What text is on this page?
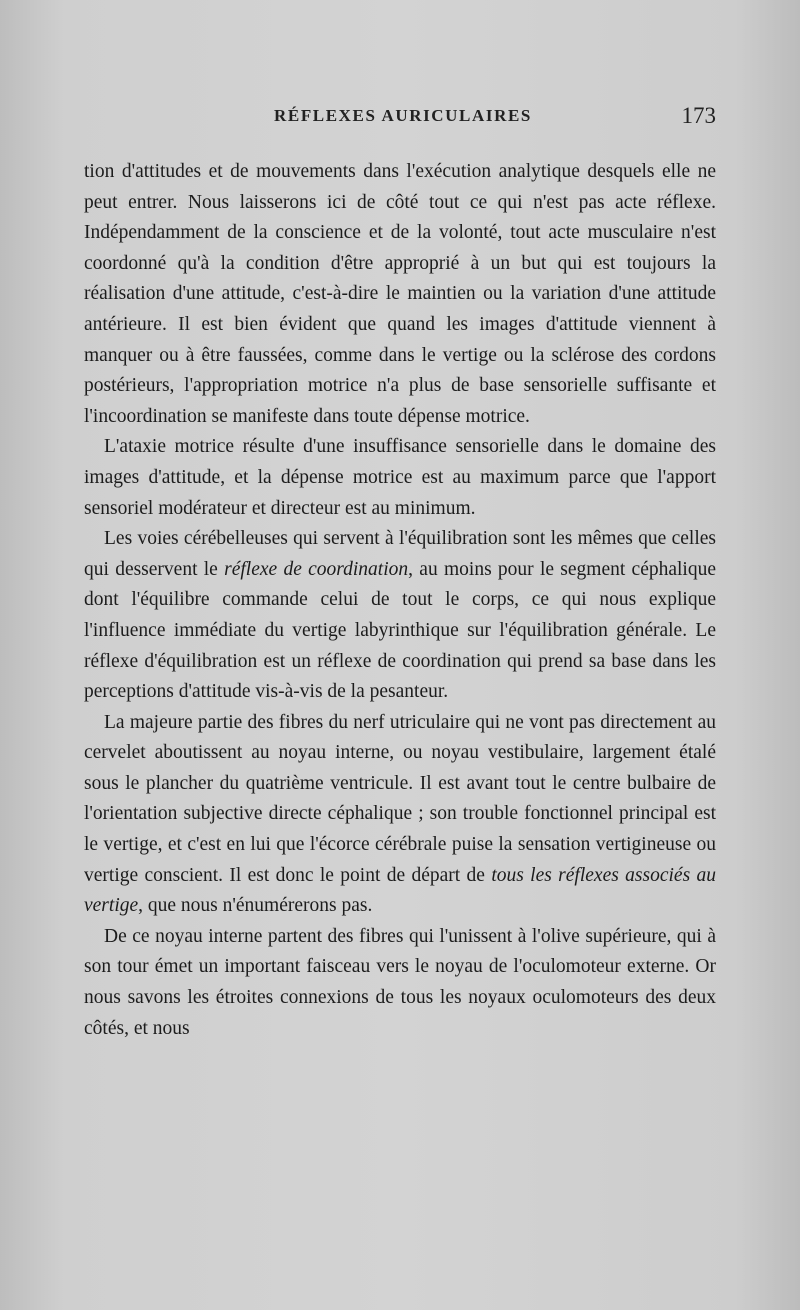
RÉFLEXES AURICULAIRES	173

tion d'attitudes et de mouvements dans l'exécution analytique desquels elle ne peut entrer. Nous laisserons ici de côté tout ce qui n'est pas acte réflexe. Indépendamment de la conscience et de la volonté, tout acte musculaire n'est coordonné qu'à la condition d'être approprié à un but qui est toujours la réalisation d'une attitude, c'est-à-dire le maintien ou la variation d'une attitude antérieure. Il est bien évident que quand les images d'attitude viennent à manquer ou à être faussées, comme dans le vertige ou la sclérose des cordons postérieurs, l'appropriation motrice n'a plus de base sensorielle suffisante et l'incoordination se manifeste dans toute dépense motrice.

L'ataxie motrice résulte d'une insuffisance sensorielle dans le domaine des images d'attitude, et la dépense motrice est au maximum parce que l'apport sensoriel modérateur et directeur est au minimum.

Les voies cérébelleuses qui servent à l'équilibration sont les mêmes que celles qui desservent le réflexe de coordination, au moins pour le segment céphalique dont l'équilibre commande celui de tout le corps, ce qui nous explique l'influence immédiate du vertige labyrinthique sur l'équilibration générale. Le réflexe d'équilibration est un réflexe de coordination qui prend sa base dans les perceptions d'attitude vis-à-vis de la pesanteur.

La majeure partie des fibres du nerf utriculaire qui ne vont pas directement au cervelet aboutissent au noyau interne, ou noyau vestibulaire, largement étalé sous le plancher du quatrième ventricule. Il est avant tout le centre bulbaire de l'orientation subjective directe céphalique ; son trouble fonctionnel principal est le vertige, et c'est en lui que l'écorce cérébrale puise la sensation vertigineuse ou vertige conscient. Il est donc le point de départ de tous les réflexes associés au vertige, que nous n'énumérerons pas.

De ce noyau interne partent des fibres qui l'unissent à l'olive supérieure, qui à son tour émet un important faisceau vers le noyau de l'oculomoteur externe. Or nous savons les étroites connexions de tous les noyaux oculomoteurs des deux côtés, et nous
